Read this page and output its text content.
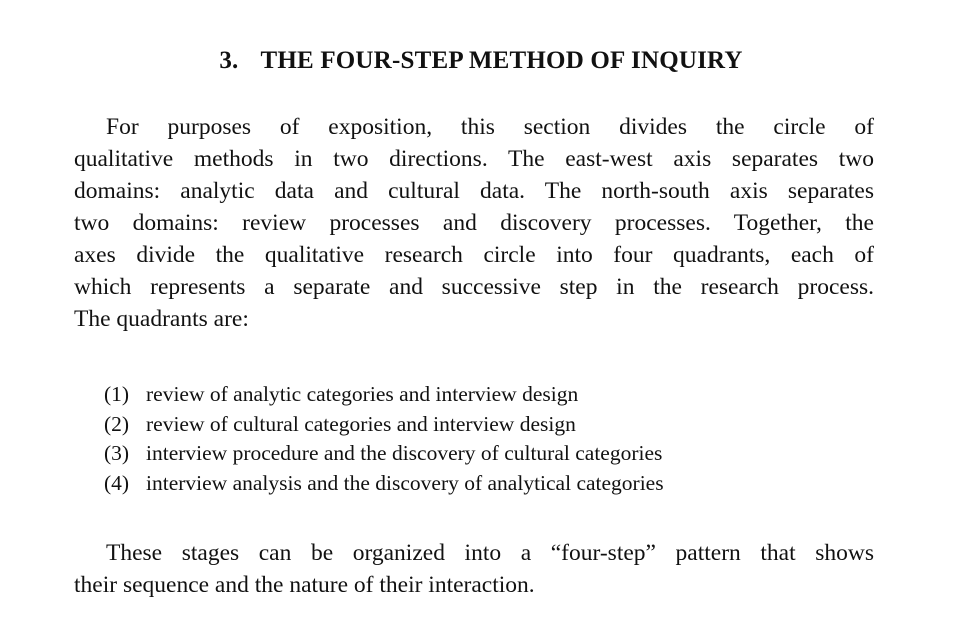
3. THE FOUR-STEP METHOD OF INQUIRY

For purposes of exposition, this section divides the circle of
qualitative methods in two directions. The east-west axis separates two
domains: analytic data and cultural data. The north-south axis separates
two domains: review processes and discovery processes. Together, the
axes divide the qualitative research circle into four quadrants, each of
which represents a separate and successive step in the research process.
The quadrants are:

(1) review of analytic categories and interview design
(2) review of cultural categories and interview design
(3) interview procedure and the discovery of cultural categories
(4) interview analysis and the discovery of analytical categories

These stages can be organized into a “four-step” pattern that shows
their sequence and the nature of their interaction.
